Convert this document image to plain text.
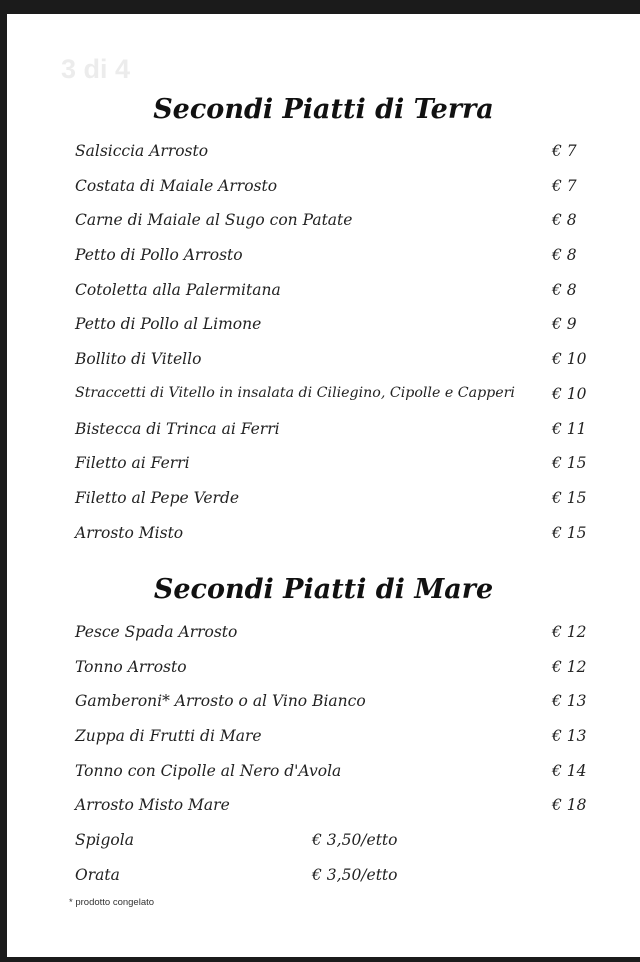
3 di 4
Secondi Piatti di Terra
Salsiccia Arrosto	€ 7
Costata di Maiale Arrosto	€ 7
Carne di Maiale al Sugo con Patate	€ 8
Petto di Pollo Arrosto	€ 8
Cotoletta alla Palermitana	€ 8
Petto di Pollo al Limone	€ 9
Bollito di Vitello	€ 10
Straccetti di Vitello in insalata di Ciliegino, Cipolle e Capperi € 10
Bistecca di Trinca ai Ferri	€ 11
Filetto ai Ferri	€ 15
Filetto al Pepe Verde	€ 15
Arrosto Misto	€ 15
Secondi Piatti di Mare
Pesce Spada Arrosto	€ 12
Tonno Arrosto	€ 12
Gamberoni* Arrosto o al Vino Bianco	€ 13
Zuppa di Frutti di Mare	€ 13
Tonno con Cipolle al Nero d'Avola	€ 14
Arrosto Misto Mare	€ 18
Spigola	€ 3,50/etto
Orata	€ 3,50/etto
* prodotto congelato
